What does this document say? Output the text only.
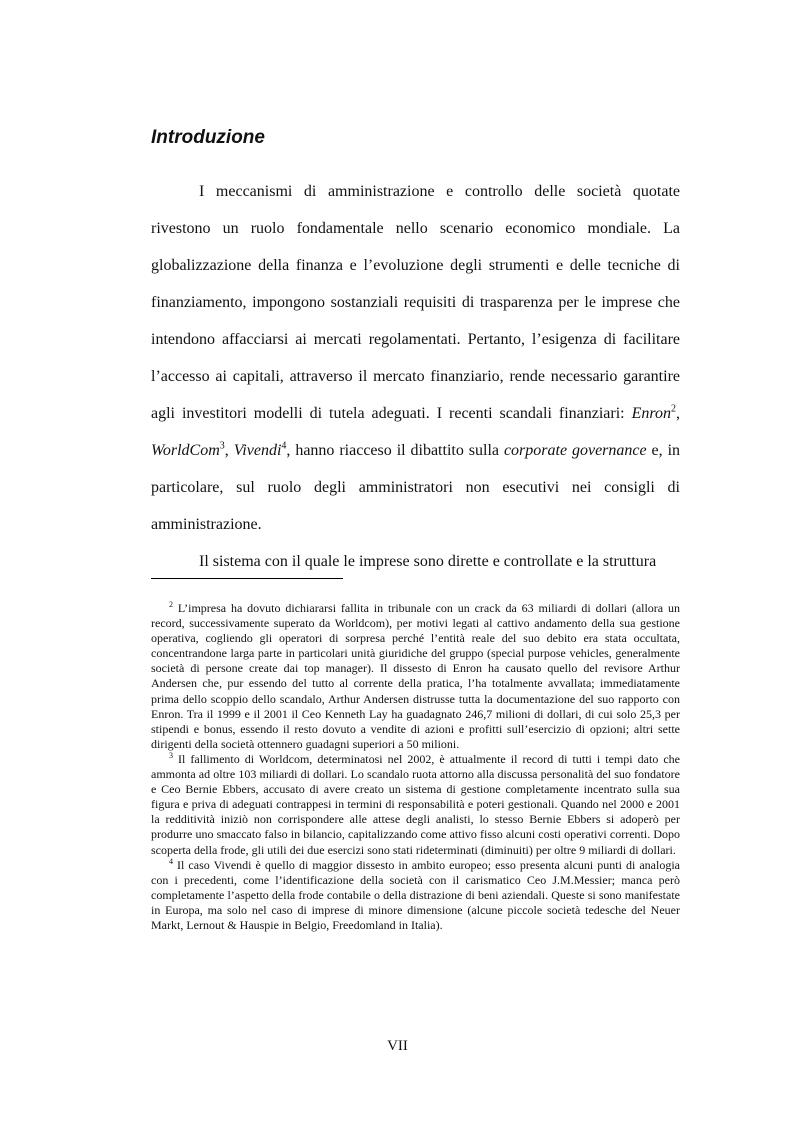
Introduzione

I meccanismi di amministrazione e controllo delle società quotate rivestono un ruolo fondamentale nello scenario economico mondiale. La globalizzazione della finanza e l’evoluzione degli strumenti e delle tecniche di finanziamento, impongono sostanziali requisiti di trasparenza per le imprese che intendono affacciarsi ai mercati regolamentati. Pertanto, l’esigenza di facilitare l’accesso ai capitali, attraverso il mercato finanziario, rende necessario garantire agli investitori modelli di tutela adeguati. I recenti scandali finanziari: Enron$^2$, WorldCom$^3$, Vivendi$^4$, hanno riacceso il dibattito sulla corporate governance e, in particolare, sul ruolo degli amministratori non esecutivi nei consigli di amministrazione.

Il sistema con il quale le imprese sono dirette e controllate e la struttura

$^2$ L’impresa ha dovuto dichiararsi fallita in tribunale con un crack da 63 miliardi di dollari (allora un record, successivamente superato da Worldcom), per motivi legati al cattivo andamento della sua gestione operativa, cogliendo gli operatori di sorpresa perché l’entità reale del suo debito era stata occultata, concentrandone larga parte in particolari unità giuridiche del gruppo (special purpose vehicles, generalmente società di persone create dai top manager). Il dissesto di Enron ha causato quello del revisore Arthur Andersen che, pur essendo del tutto al corrente della pratica, l’ha totalmente avvallata; immediatamente prima dello scoppio dello scandalo, Arthur Andersen distrusse tutta la documentazione del suo rapporto con Enron. Tra il 1999 e il 2001 il Ceo Kenneth Lay ha guadagnato 246,7 milioni di dollari, di cui solo 25,3 per stipendi e bonus, essendo il resto dovuto a vendite di azioni e profitti sull’esercizio di opzioni; altri sette dirigenti della società ottennero guadagni superiori a 50 milioni.

$^3$ Il fallimento di Worldcom, determinatosi nel 2002, è attualmente il record di tutti i tempi dato che ammonta ad oltre 103 miliardi di dollari. Lo scandalo ruota attorno alla discussa personalità del suo fondatore e Ceo Bernie Ebbers, accusato di avere creato un sistema di gestione completamente incentrato sulla sua figura e priva di adeguati contrappesi in termini di responsabilità e poteri gestionali. Quando nel 2000 e 2001 la redditività iniziò non corrispondere alle attese degli analisti, lo stesso Bernie Ebbers si adoperò per produrre uno smaccato falso in bilancio, capitalizzando come attivo fisso alcuni costi operativi correnti. Dopo scoperta della frode, gli utili dei due esercizi sono stati rideterminati (diminuiti) per oltre 9 miliardi di dollari.

$^4$ Il caso Vivendi è quello di maggior dissesto in ambito europeo; esso presenta alcuni punti di analogia con i precedenti, come l’identificazione della società con il carismatico Ceo J.M.Messier; manca però completamente l’aspetto della frode contabile o della distrazione di beni aziendali. Queste si sono manifestate in Europa, ma solo nel caso di imprese di minore dimensione (alcune piccole società tedesche del Neuer Markt, Lernout & Hauspie in Belgio, Freedomland in Italia).

VII
